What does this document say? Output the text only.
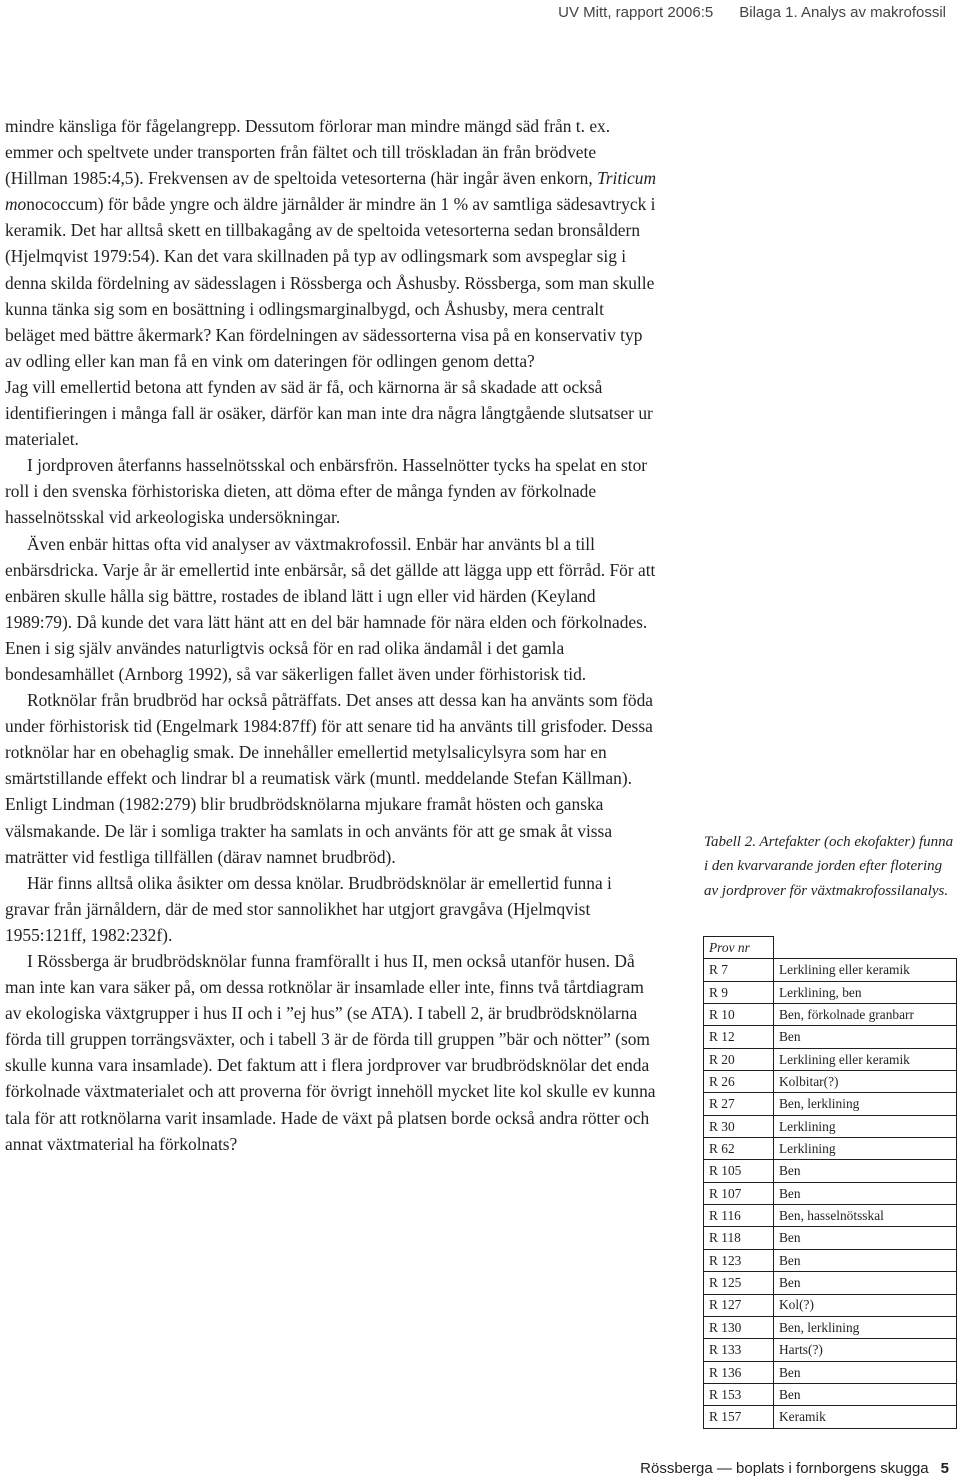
UV Mitt, rapport 2006:5 Bilaga 1. Analys av makrofossil

mindre känsliga för fågelangrepp. Dessutom förlorar man mindre mängd säd från t. ex. emmer och speltvete under transporten från fältet och till tröskladan än från brödvete (Hillman 1985:4,5). Frekvensen av de speltoida vetesorterna (här ingår även enkorn, Triticum monococcum) för både yngre och äldre järnålder är mindre än 1 % av samtliga sädesavtryck i keramik. Det har alltså skett en tillbakagång av de speltoida vetesorterna sedan bronsåldern (Hjelmqvist 1979:54). Kan det vara skillnaden på typ av odlingsmark som avspeglar sig i denna skilda fördelning av sädesslagen i Rössberga och Åshusby. Rössberga, som man skulle kunna tänka sig som en bosättning i odlingsmarginalbygd, och Åshusby, mera centralt beläget med bättre åkermark? Kan fördelningen av sädessorterna visa på en konservativ typ av odling eller kan man få en vink om dateringen för odlingen genom detta?

Jag vill emellertid betona att fynden av säd är få, och kärnorna är så skadade att också identifieringen i många fall är osäker, därför kan man inte dra några långtgående slutsatser ur materialet.

I jordproven återfanns hasselnötsskal och enbärsfrön. Hasselnötter tycks ha spelat en stor roll i den svenska förhistoriska dieten, att döma efter de många fynden av förkolnade hasselnötsskal vid arkeologiska undersökningar.

Även enbär hittas ofta vid analyser av växtmakrofossil. Enbär har använts bl a till enbärsdricka. Varje år är emellertid inte enbärsår, så det gällde att lägga upp ett förråd. För att enbären skulle hålla sig bättre, rostades de ibland lätt i ugn eller vid härden (Keyland 1989:79). Då kunde det vara lätt hänt att en del bär hamnade för nära elden och förkolnades. Enen i sig själv användes naturligtvis också för en rad olika ändamål i det gamla bondesamhället (Arnborg 1992), så var säkerligen fallet även under förhistorisk tid.

Rotknölar från brudbröd har också påträffats. Det anses att dessa kan ha använts som föda under förhistorisk tid (Engelmark 1984:87ff) för att senare tid ha använts till grisfoder. Dessa rotknölar har en obehaglig smak. De innehåller emellertid metylsalicylsyra som har en smärtstillande effekt och lindrar bl a reumatisk värk (muntl. meddelande Stefan Källman). Enligt Lindman (1982:279) blir brudbrödsknölarna mjukare framåt hösten och ganska välsmakande. De lär i somliga trakter ha samlats in och använts för att ge smak åt vissa maträtter vid festliga tillfällen (därav namnet brudbröd).

Här finns alltså olika åsikter om dessa knölar. Brudbrödsknölar är emellertid funna i gravar från järnåldern, där de med stor sannolikhet har utgjort gravgåva (Hjelmqvist 1955:121ff, 1982:232f).

I Rössberga är brudbrödsknölar funna framförallt i hus II, men också utanför husen. Då man inte kan vara säker på, om dessa rotknölar är insamlade eller inte, finns två tårtdiagram av ekologiska växtgrupper i hus II och i ”ej hus” (se ATA). I tabell 2, är brudbrödsknölarna förda till gruppen torrängsväxter, och i tabell 3 är de förda till gruppen ”bär och nötter” (som skulle kunna vara insamlade). Det faktum att i flera jordprover var brudbrödsknölar det enda förkolnade växtmaterialet och att proverna för övrigt innehöll mycket lite kol skulle ev kunna tala för att rotknölarna varit insamlade. Hade de växt på platsen borde också andra rötter och annat växtmaterial ha förkolnats?

Tabell 2. Artefakter (och ekofakter) funna i den kvarvarande jorden efter flotering av jordprover för växtmakrofossilanalys.
Prov nr	
R 7	Lerklining eller keramik
R 9	Lerklining, ben
R 10	Ben, förkolnade granbarr
R 12	Ben
R 20	Lerklining eller keramik
R 26	Kolbitar(?)
R 27	Ben, lerklining
R 30	Lerklining
R 62	Lerklining
R 105	Ben
R 107	Ben
R 116	Ben, hasselnötsskal
R 118	Ben
R 123	Ben
R 125	Ben
R 127	Kol(?)
R 130	Ben, lerklining
R 133	Harts(?)
R 136	Ben
R 153	Ben
R 157	Keramik
Rössberga — boplats i fornborgens skugga 5
